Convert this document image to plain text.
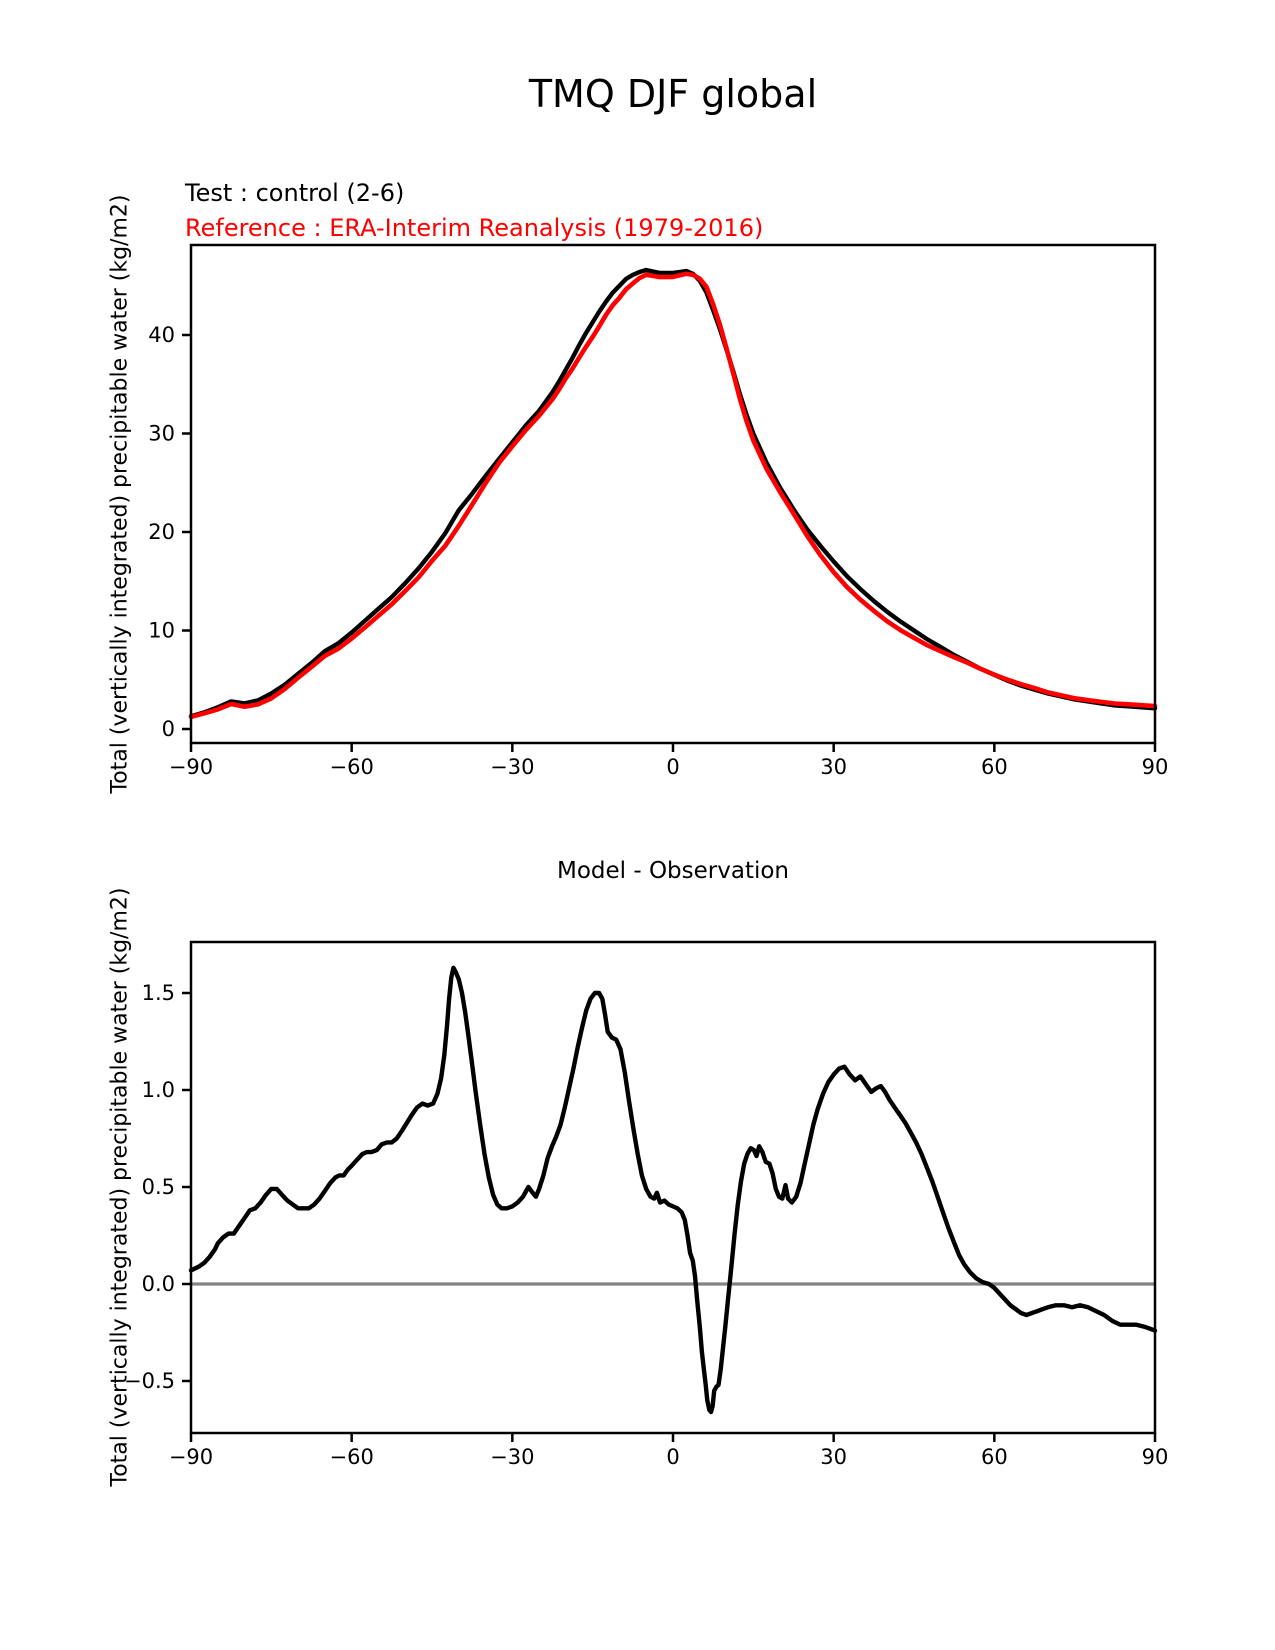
−90	−60	−30	0	30	60	90
0
10
20
30
40
−90	−60	−30	0	30	60	90
−0.5
0.0
0.5
1.0
1.5
TMQ DJF global
Test : control (2-6)
Reference : ERA-Interim Reanalysis (1979-2016)
Total (vertically integrated) precipitable water (kg/m2)
Total (vertically integrated) precipitable water (kg/m2)
Model - Observation
